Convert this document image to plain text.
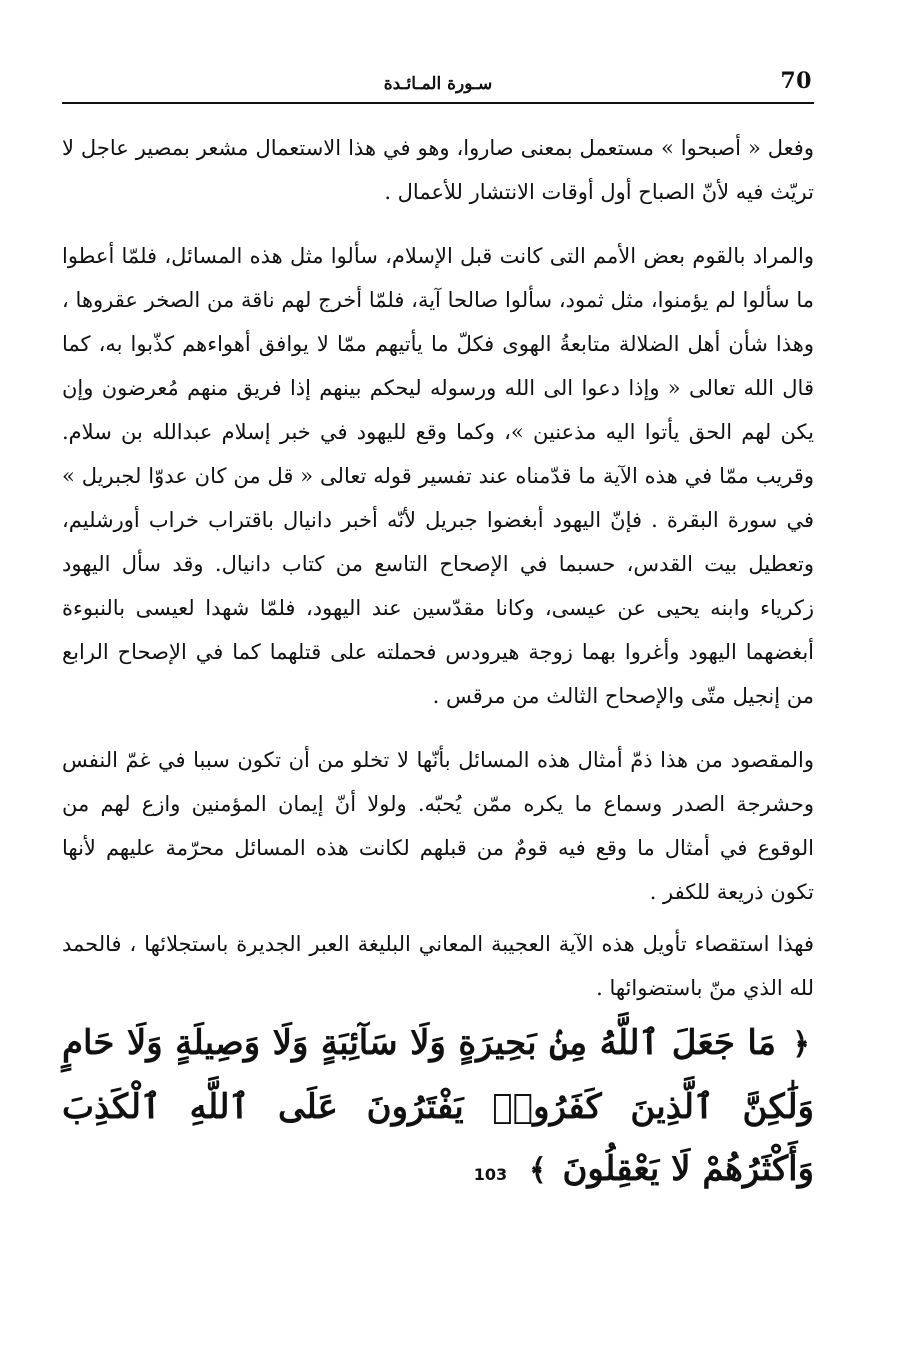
70
سـورة المـائـدة

وفعل « أصبحوا » مستعمل بمعنى صاروا، وهو في هذا الاستعمال مشعر بمصير عاجل لا تريّث فيه لأنّ الصباح أول أوقات الانتشار للأعمال .

والمراد بالقوم بعض الأمم التى كانت قبل الإسلام، سألوا مثل هذه المسائل، فلمّا أعطوا ما سألوا لم يؤمنوا، مثل ثمود، سألوا صالحا آية، فلمّا أخرج لهم ناقة من الصخر عقروها ، وهذا شأن أهل الضلالة متابعةُ الهوى فكلّ ما يأتيهم ممّا لا يوافق أهواءهم كذّبوا به، كما قال الله تعالى « وإذا دعوا الى الله ورسوله ليحكم بينهم إذا فريق منهم مُعرضون وإن يكن لهم الحق يأتوا اليه مذعنين »، وكما وقع لليهود في خبر إسلام عبدالله بن سلام. وقريب ممّا في هذه الآية ما قدّمناه عند تفسير قوله تعالى « قل من كان عدوّا لجبريل » في سورة البقرة . فإنّ اليهود أبغضوا جبريل لأنّه أخبر دانيال باقتراب خراب أورشليم، وتعطيل بيت القدس، حسبما في الإصحاح التاسع من كتاب دانيال. وقد سأل اليهود زكرياء وابنه يحيى عن عيسى، وكانا مقدّسين عند اليهود، فلمّا شهدا لعيسى بالنبوءة أبغضهما اليهود وأغروا بهما زوجة هيرودس فحملته على قتلهما كما في الإصحاح الرابع من إنجيل متّى والإصحاح الثالث من مرقس .

والمقصود من هذا ذمّ أمثال هذه المسائل بأنّها لا تخلو من أن تكون سببا في غمّ النفس وحشرجة الصدر وسماع ما يكره ممّن يُحبّه. ولولا أنّ إيمان المؤمنين وازع لهم من الوقوع في أمثال ما وقع فيه قومٌ من قبلهم لكانت هذه المسائل محرّمة عليهم لأنها تكون ذريعة للكفر .

فهذا استقصاء تأويل هذه الآية العجيبة المعاني البليغة العبر الجديرة باستجلائها ، فالحمد لله الذي منّ باستضوائها .

﴿ مَا جَعَلَ ٱللَّهُ مِنۢ بَحِيرَةٍ وَلَا سَآئِبَةٍ وَلَا وَصِيلَةٍ وَلَا حَامٍ وَلَٰكِنَّ ٱلَّذِينَ كَفَرُوا۟ يَفْتَرُونَ عَلَى ٱللَّهِ ٱلْكَذِبَ وَأَكْثَرُهُمْ لَا يَعْقِلُونَ ﴾ 103
